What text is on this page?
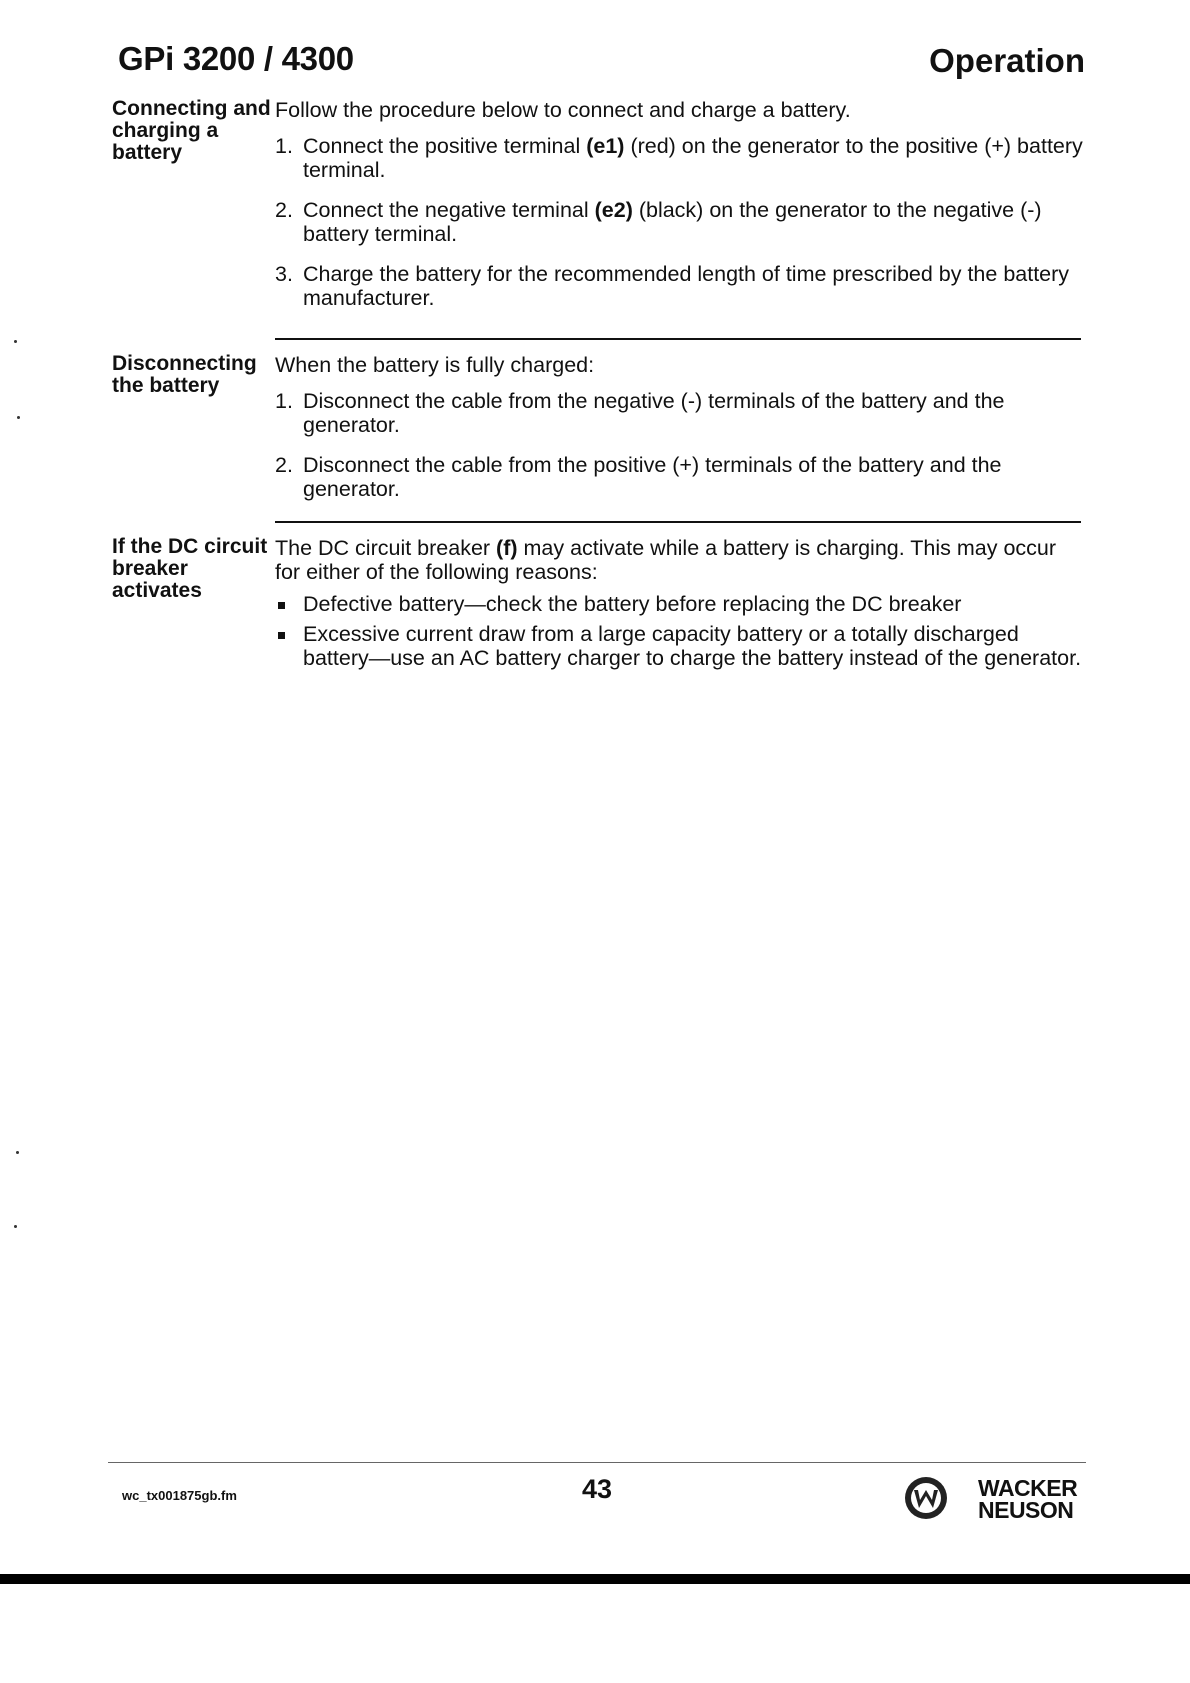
GPi 3200 / 4300	Operation
Connecting and charging a battery

Follow the procedure below to connect and charge a battery.

1. Connect the positive terminal (e1) (red) on the generator to the positive (+) battery terminal.
2. Connect the negative terminal (e2) (black) on the generator to the negative (-) battery terminal.
3. Charge the battery for the recommended length of time prescribed by the battery manufacturer.
Disconnecting the battery

When the battery is fully charged:

1. Disconnect the cable from the negative (-) terminals of the battery and the generator.
2. Disconnect the cable from the positive (+) terminals of the battery and the generator.
If the DC circuit breaker activates

The DC circuit breaker (f) may activate while a battery is charging. This may occur for either of the following reasons:

Defective battery—check the battery before replacing the DC breaker
Excessive current draw from a large capacity battery or a totally discharged battery—use an AC battery charger to charge the battery instead of the generator.
wc_tx001875gb.fm	43	WACKER
NEUSON
